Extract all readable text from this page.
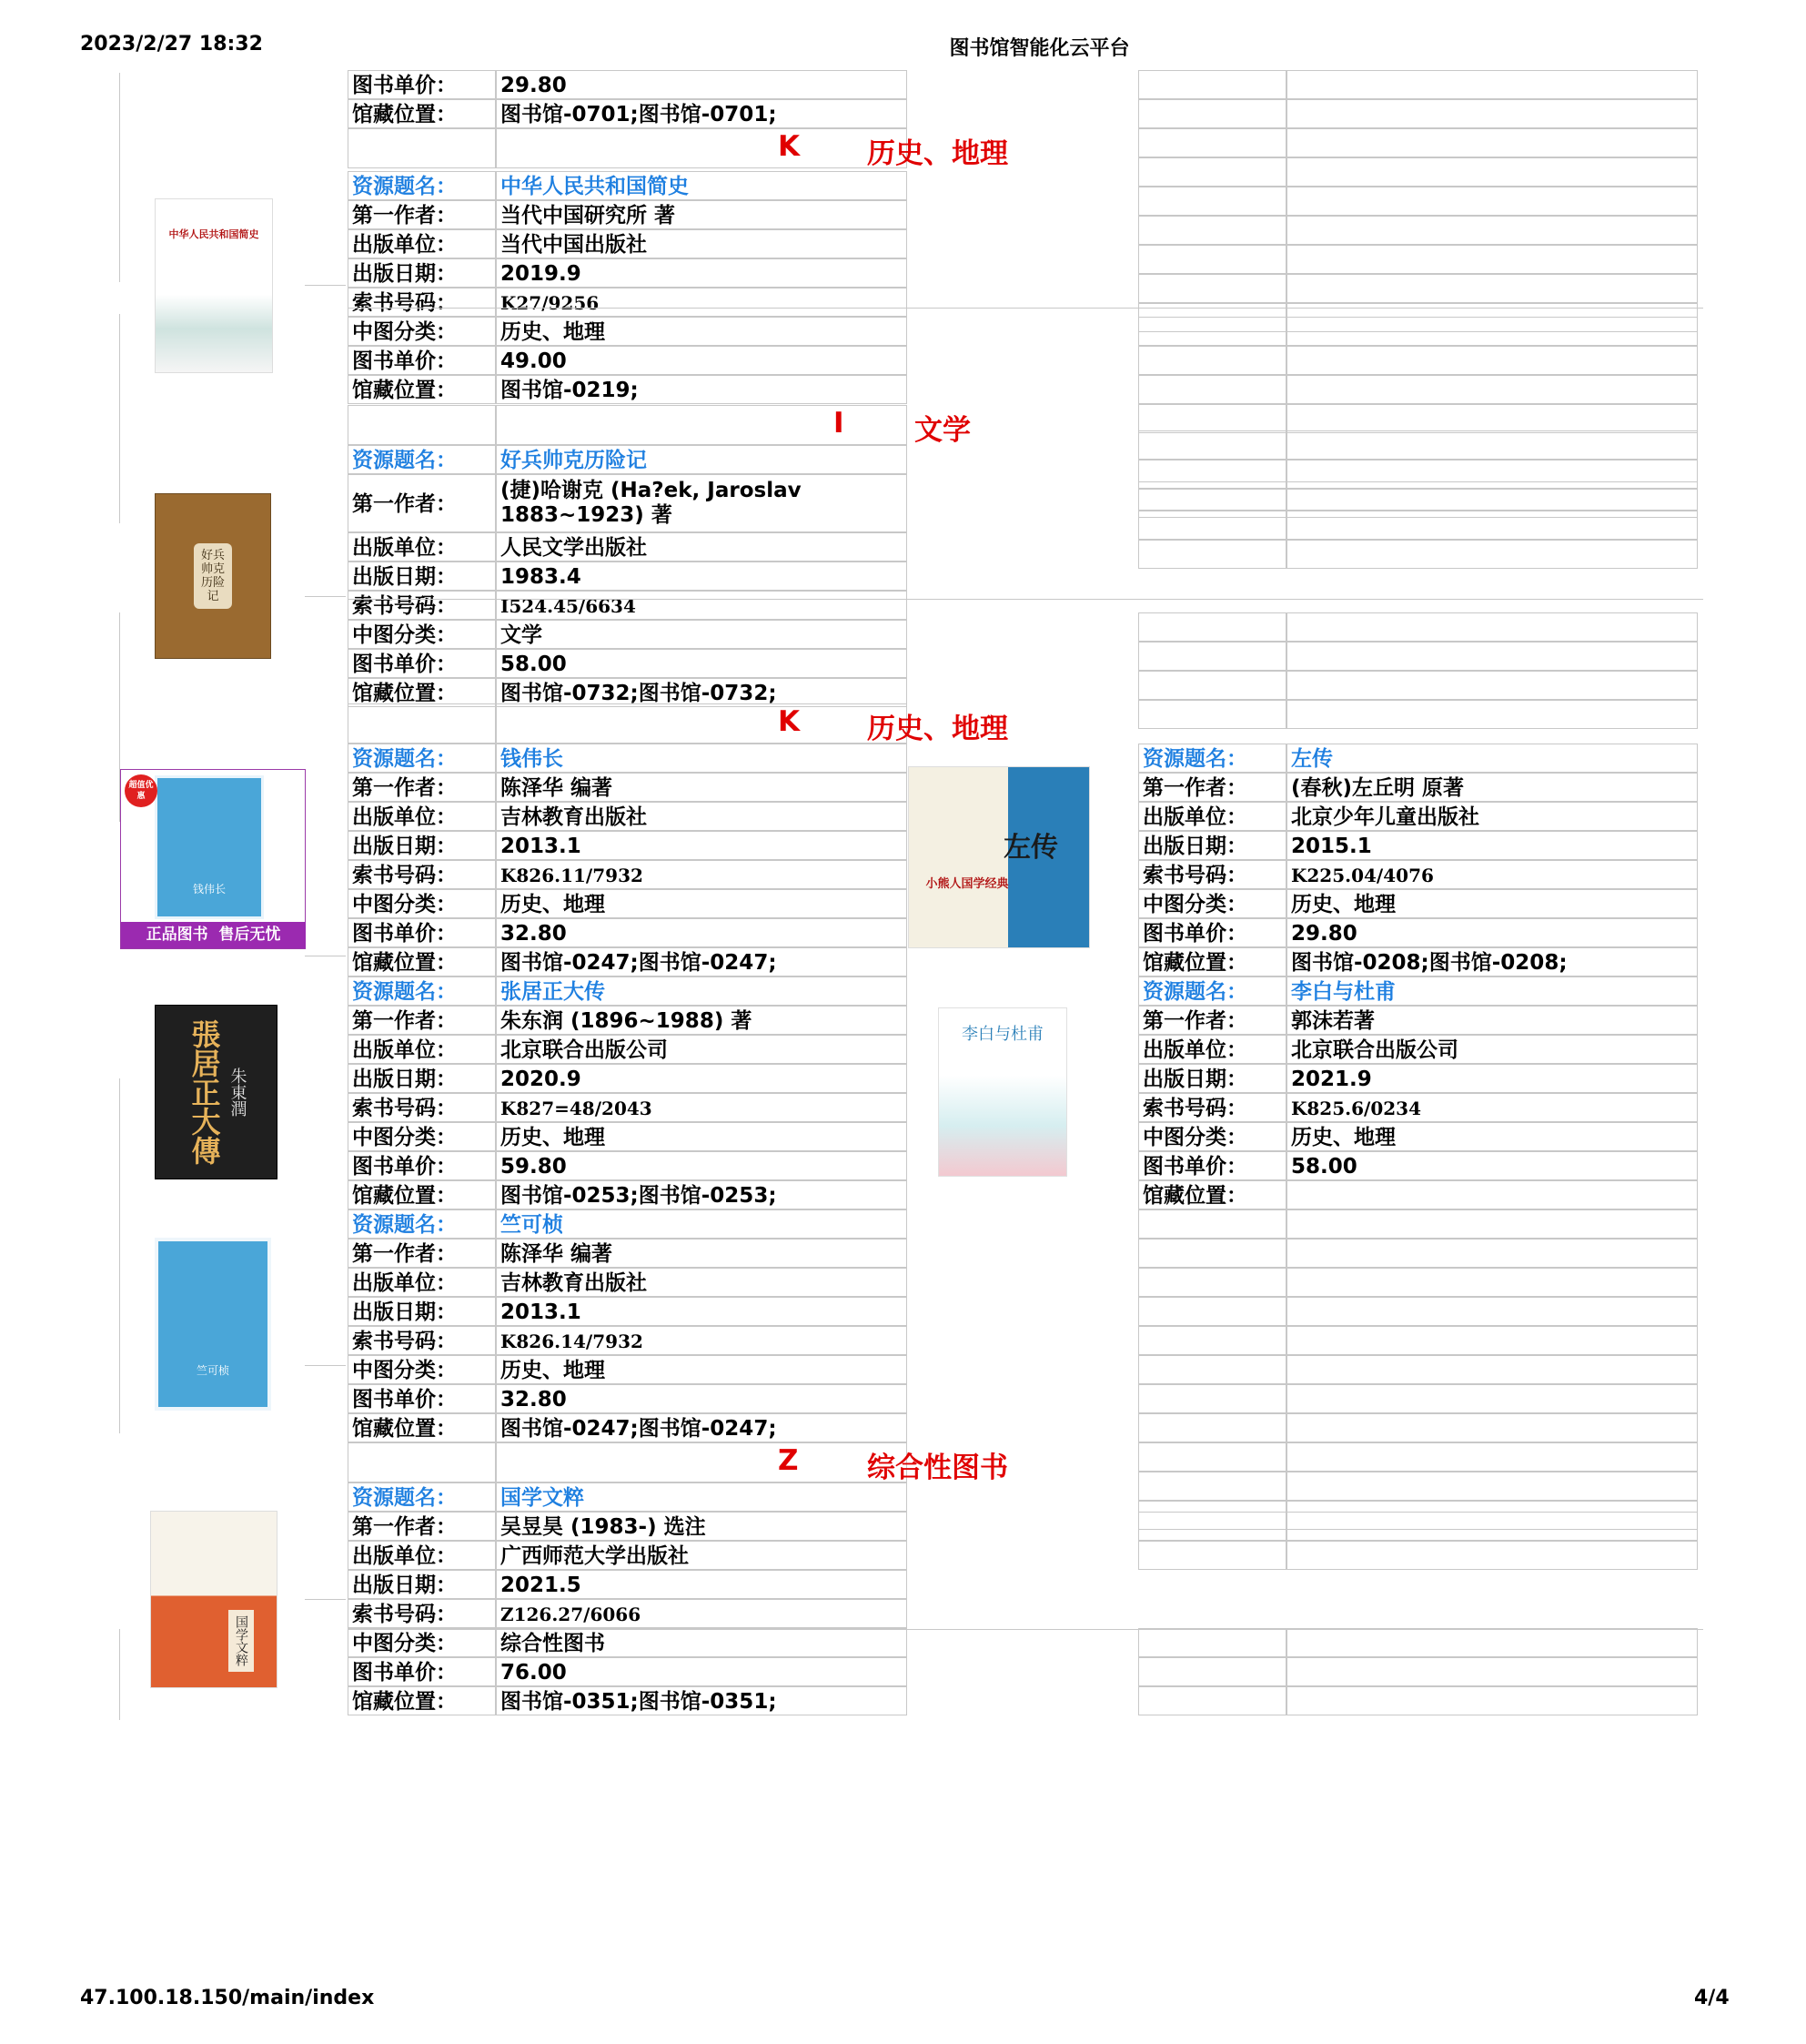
2023/2/27 18:32	图书馆智能化云平台
图书单价：	29.80
馆藏位置：	图书馆-0701;图书馆-0701;
K 历史、地理
资源题名：	中华人民共和国简史
第一作者：	当代中国研究所 著
出版单位：	当代中国出版社
出版日期：	2019.9
索书号码：	K27/9256
中图分类：	历史、地理
图书单价：	49.00
馆藏位置：	图书馆-0219;
I 文学
资源题名：	好兵帅克历险记
第一作者：
(捷)哈谢克 (Ha?ek, Jaroslav 1883~1923) 著
出版单位：	人民文学出版社
出版日期：	1983.4
索书号码：	I524.45/6634
中图分类：	文学
图书单价：	58.00
馆藏位置：	图书馆-0732;图书馆-0732;
K 历史、地理
资源题名：	钱伟长
第一作者：	陈泽华 编著
出版单位：	吉林教育出版社
出版日期：	2013.1
索书号码：	K826.11/7932
中图分类：	历史、地理
图书单价：	32.80
馆藏位置：	图书馆-0247;图书馆-0247;
资源题名：	张居正大传
第一作者：	朱东润 (1896~1988) 著
出版单位：	北京联合出版公司
出版日期：	2020.9
索书号码：	K827=48/2043
中图分类：	历史、地理
图书单价：	59.80
馆藏位置：	图书馆-0253;图书馆-0253;
资源题名：	竺可桢
第一作者：	陈泽华 编著
出版单位：	吉林教育出版社
出版日期：	2013.1
索书号码：	K826.14/7932
中图分类：	历史、地理
图书单价：	32.80
馆藏位置：	图书馆-0247;图书馆-0247;
Z 综合性图书
资源题名：	国学文粹
第一作者：	吴昱昊 (1983-) 选注
出版单位：	广西师范大学出版社
出版日期：	2021.5
索书号码：	Z126.27/6066
中图分类：	综合性图书
图书单价：	76.00
馆藏位置：	图书馆-0351;图书馆-0351;
资源题名：	左传
第一作者：	(春秋)左丘明 原著
出版单位：	北京少年儿童出版社
出版日期：	2015.1
索书号码：	K225.04/4076
中图分类：	历史、地理
图书单价：	29.80
馆藏位置：	图书馆-0208;图书馆-0208;
资源题名：	李白与杜甫
第一作者：	郭沫若著
出版单位：	北京联合出版公司
出版日期：	2021.9
索书号码：	K825.6/0234
中图分类：	历史、地理
图书单价：	58.00
馆藏位置：
中华人民共和国简史
好兵帅克历险记
钱伟长
超值优惠
正品图书  售后无忧
左传
小熊人国学经典
張居正大傳 朱東潤
李白与杜甫
竺可桢
国学文粹
47.100.18.150/main/index	4/4
